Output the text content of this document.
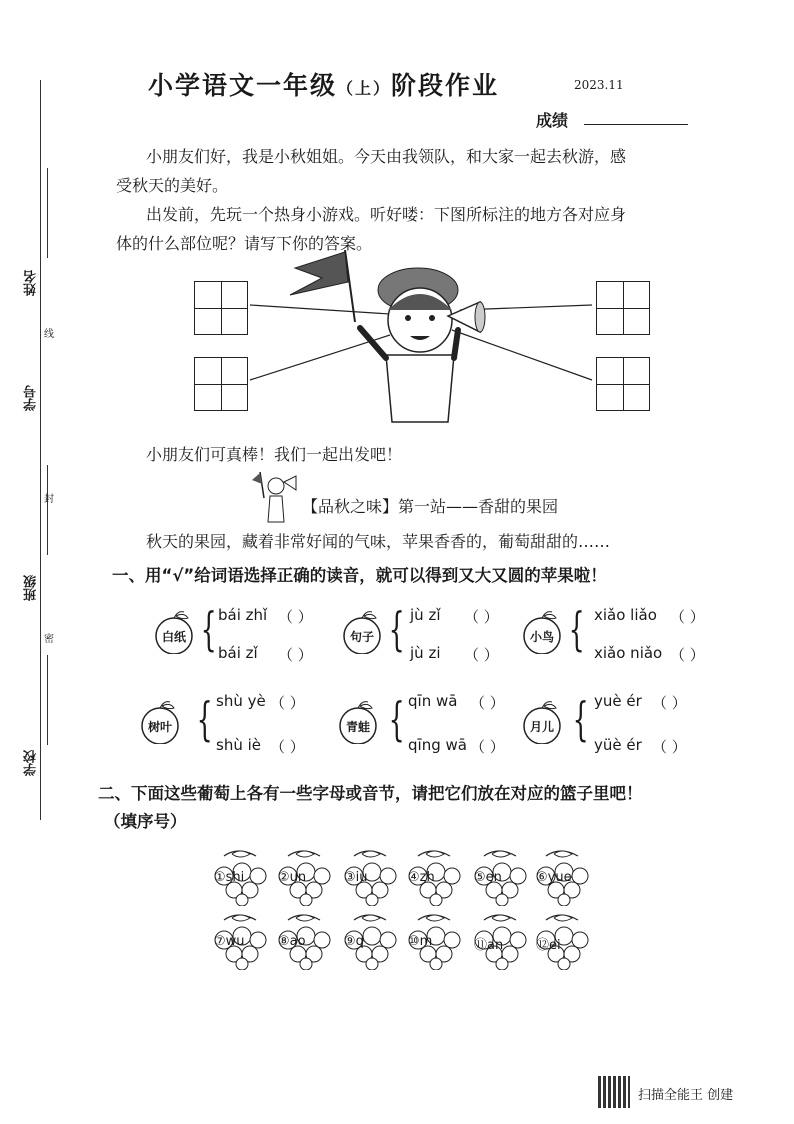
小学语文一年级（上）阶段作业	2023.11
成绩
姓名
学号
班级
学校
线
封
密
小朋友们好，我是小秋姐姐。今天由我领队，和大家一起去秋游，感
受秋天的美好。
出发前，先玩一个热身小游戏。听好喽：下图所标注的地方各对应身
体的什么部位呢？请写下你的答案。
小朋友们可真棒！我们一起出发吧！
【品秋之味】第一站——香甜的果园
秋天的果园，藏着非常好闻的气味，苹果香香的，葡萄甜甜的……
一、用“√”给词语选择正确的读音，就可以得到又大又圆的苹果啦！
白纸 { bái zhǐ （ ）
bái zǐ （ ）
句子 { jù zǐ （ ）
jù zi （ ）
小鸟 { xiǎo liǎo （ ）
xiǎo niǎo （ ）
树叶 { shù yè （ ）
shù iè （ ）
青蛙 { qīn wā （ ）
qīng wā （ ）
月儿 { yuè ér （ ）
yüè ér （ ）
二、下面这些葡萄上各有一些字母或音节，请把它们放在对应的篮子里吧！
（填序号）
①shi	②un	③iu	④zh	⑤en	⑥yue
⑦wu	⑧ao	⑨q	⑩m	⑪an	⑫ei
扫描全能王 创建
